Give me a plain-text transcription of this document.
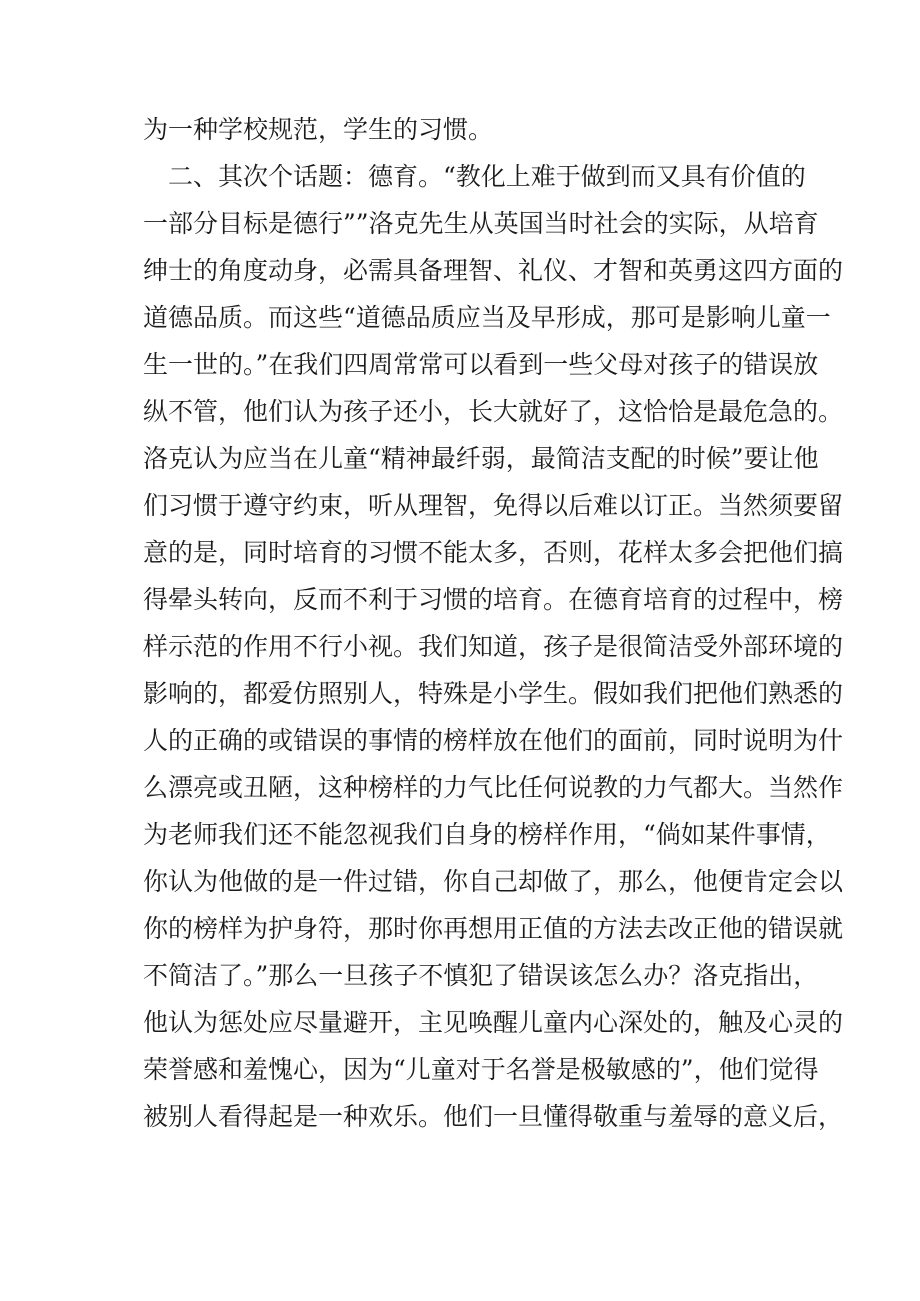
为一种学校规范，学生的习惯。
二、其次个话题：德育。“教化上难于做到而又具有价值的
一部分目标是德行””洛克先生从英国当时社会的实际，从培育
绅士的角度动身，必需具备理智、礼仪、才智和英勇这四方面的
道德品质。而这些“道德品质应当及早形成，那可是影响儿童一
生一世的。”在我们四周常常可以看到一些父母对孩子的错误放
纵不管，他们认为孩子还小，长大就好了，这恰恰是最危急的。
洛克认为应当在儿童“精神最纤弱，最简洁支配的时候”要让他
们习惯于遵守约束，听从理智，免得以后难以订正。当然须要留
意的是，同时培育的习惯不能太多，否则，花样太多会把他们搞
得晕头转向，反而不利于习惯的培育。在德育培育的过程中，榜
样示范的作用不行小视。我们知道，孩子是很简洁受外部环境的
影响的，都爱仿照别人，特殊是小学生。假如我们把他们熟悉的
人的正确的或错误的事情的榜样放在他们的面前，同时说明为什
么漂亮或丑陋，这种榜样的力气比任何说教的力气都大。当然作
为老师我们还不能忽视我们自身的榜样作用，“倘如某件事情，
你认为他做的是一件过错，你自己却做了，那么，他便肯定会以
你的榜样为护身符，那时你再想用正值的方法去改正他的错误就
不简洁了。”那么一旦孩子不慎犯了错误该怎么办？洛克指出，
他认为惩处应尽量避开，主见唤醒儿童内心深处的，触及心灵的
荣誉感和羞愧心，因为“儿童对于名誉是极敏感的”，他们觉得
被别人看得起是一种欢乐。他们一旦懂得敬重与羞辱的意义后，
